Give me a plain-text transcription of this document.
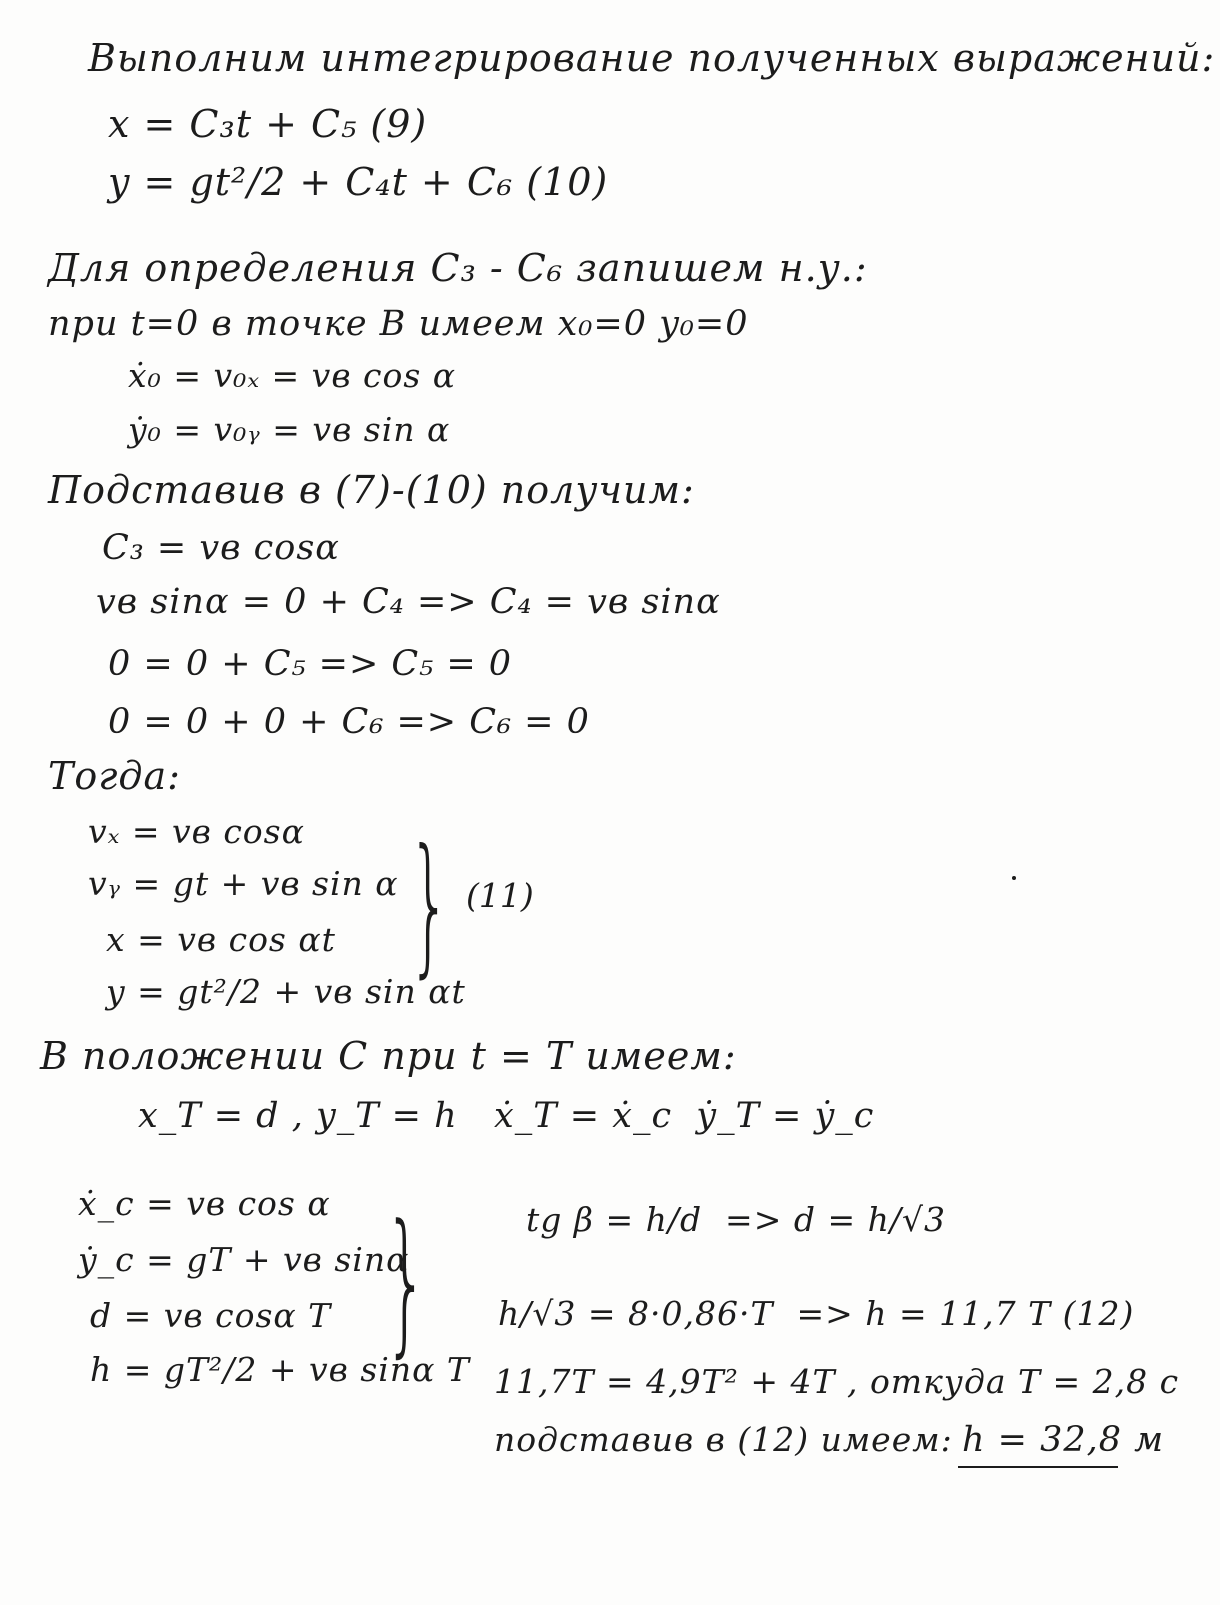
Выполним интегрирование полученных выражений:
x = C₃t + C₅ (9)
y = gt²/2 + C₄t + C₆ (10)
Для определения C₃ - C₆ запишем н.у.:
при t=0 в точке B имеем x₀=0 y₀=0
ẋ₀ = v₀ₓ = vв cos α
ẏ₀ = v₀ᵧ = vв sin α
Подставив в (7)-(10) получим:
C₃ = vв cosα
vв sinα = 0 + C₄ => C₄ = vв sinα
0 = 0 + C₅ => C₅ = 0
0 = 0 + 0 + C₆ => C₆ = 0
Тогда:
vₓ = vв cosα
vᵧ = gt + vв sin α
x = vв cos αt
y = gt²/2 + vв sin αt
} (11)
В положении C при t = T имеем:
x_T = d , y_T = h   ẋ_T = ẋ_c  ẏ_T = ẏ_c
ẋ_c = vв cos α
ẏ_c = gT + vв sinα
d = vв cosα T
h = gT²/2 + vв sinα T
}	tg β = h/d  => d = h/√3
h/√3 = 8·0,86·T  => h = 11,7 T (12)
11,7T = 4,9T² + 4T , откуда T = 2,8 c
подставив в (12) имеем: h = 32,8 м
